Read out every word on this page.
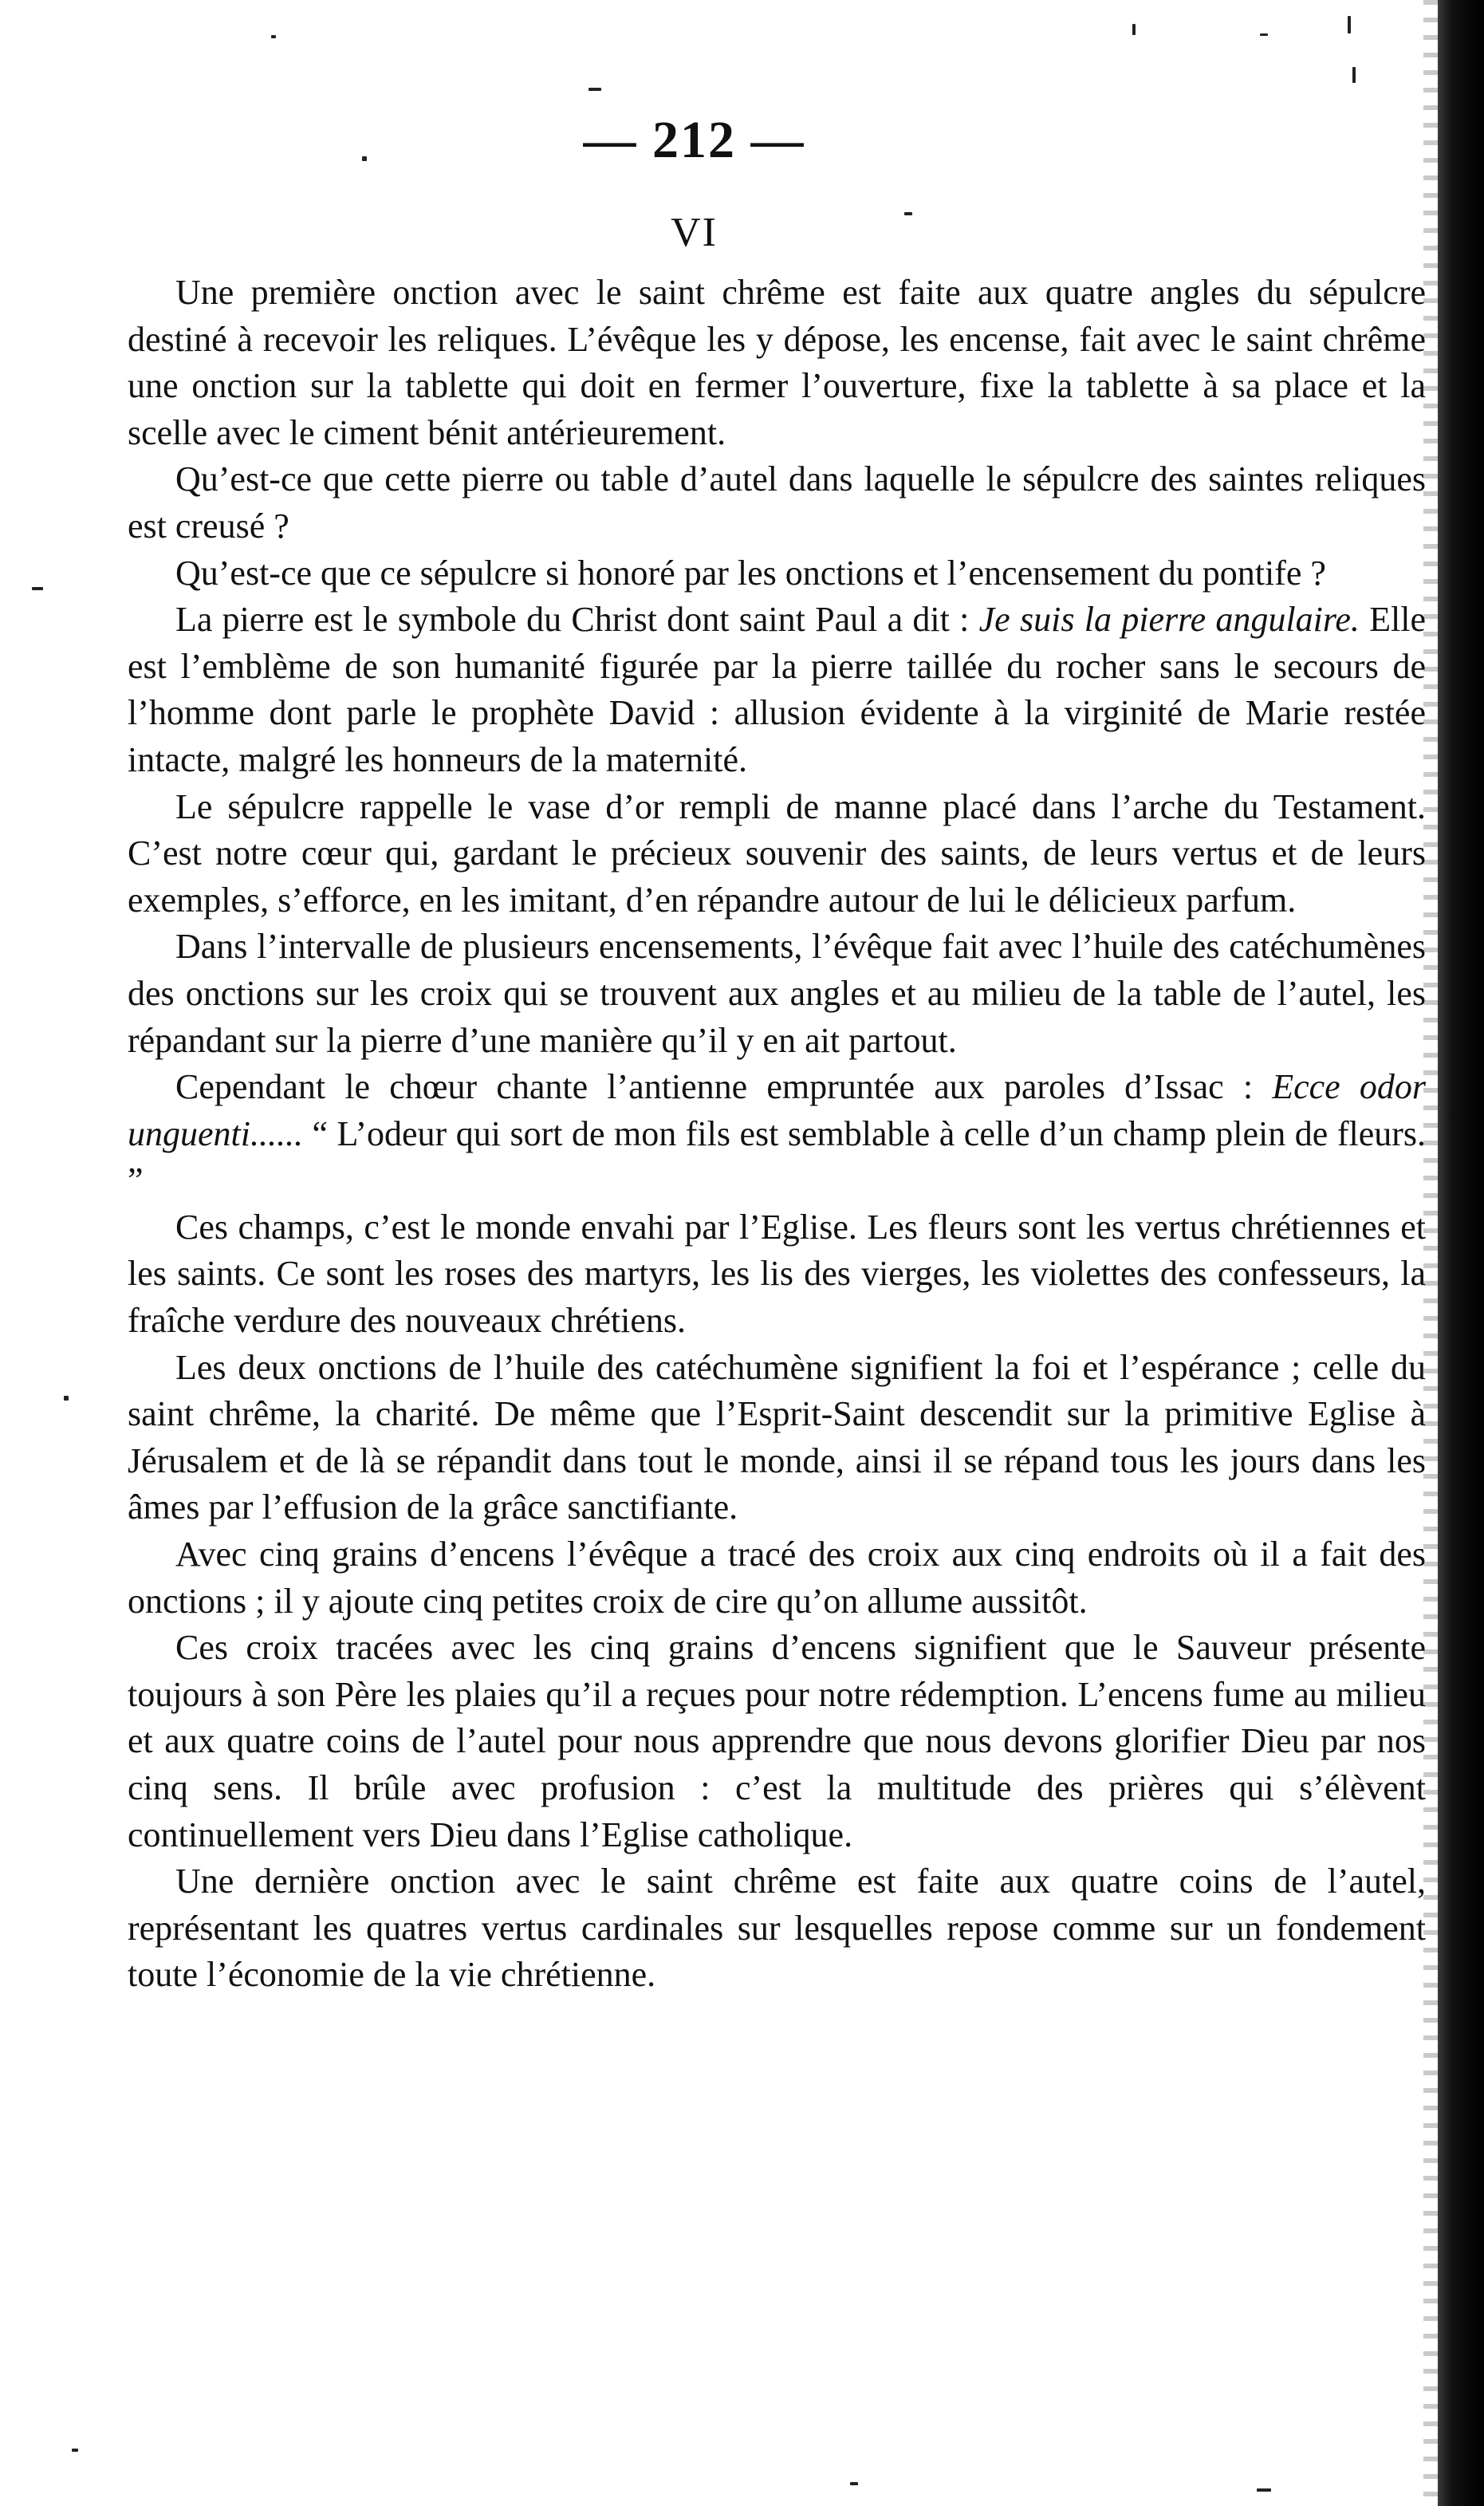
— 212 —
VI

Une première onction avec le saint chrême est faite aux quatre angles du sépulcre destiné à recevoir les reliques. L’évêque les y dépose, les encense, fait avec le saint chrême une onction sur la tablette qui doit en fermer l’ouverture, fixe la tablette à sa place et la scelle avec le ciment bénit antérieurement.

Qu’est-ce que cette pierre ou table d’autel dans laquelle le sépulcre des saintes reliques est creusé ?

Qu’est-ce que ce sépulcre si honoré par les onctions et l’encensement du pontife ?

La pierre est le symbole du Christ dont saint Paul a dit : Je suis la pierre angulaire. Elle est l’emblème de son humanité figurée par la pierre taillée du rocher sans le secours de l’homme dont parle le prophète David : allusion évidente à la virginité de Marie restée intacte, malgré les honneurs de la maternité.

Le sépulcre rappelle le vase d’or rempli de manne placé dans l’arche du Testament. C’est notre cœur qui, gardant le précieux souvenir des saints, de leurs vertus et de leurs exemples, s’efforce, en les imitant, d’en répandre autour de lui le délicieux parfum.

Dans l’intervalle de plusieurs encensements, l’évêque fait avec l’huile des catéchumènes des onctions sur les croix qui se trouvent aux angles et au milieu de la table de l’autel, les répandant sur la pierre d’une manière qu’il y en ait partout.

Cependant le chœur chante l’antienne empruntée aux paroles d’Issac : Ecce odor unguenti...... “ L’odeur qui sort de mon fils est semblable à celle d’un champ plein de fleurs. ”

Ces champs, c’est le monde envahi par l’Eglise. Les fleurs sont les vertus chrétiennes et les saints. Ce sont les roses des martyrs, les lis des vierges, les violettes des confesseurs, la fraîche verdure des nouveaux chrétiens.

Les deux onctions de l’huile des catéchumène signifient la foi et l’espérance ; celle du saint chrême, la charité. De même que l’Esprit-Saint descendit sur la primitive Eglise à Jérusalem et de là se répandit dans tout le monde, ainsi il se répand tous les jours dans les âmes par l’effusion de la grâce sanctifiante.

Avec cinq grains d’encens l’évêque a tracé des croix aux cinq endroits où il a fait des onctions ; il y ajoute cinq petites croix de cire qu’on allume aussitôt.

Ces croix tracées avec les cinq grains d’encens signifient que le Sauveur présente toujours à son Père les plaies qu’il a reçues pour notre rédemption. L’encens fume au milieu et aux quatre coins de l’autel pour nous apprendre que nous devons glorifier Dieu par nos cinq sens. Il brûle avec profusion : c’est la multitude des prières qui s’élèvent continuellement vers Dieu dans l’Eglise catholique.

Une dernière onction avec le saint chrême est faite aux quatre coins de l’autel, représentant les quatres vertus cardinales sur lesquelles repose comme sur un fondement toute l’économie de la vie chrétienne.
